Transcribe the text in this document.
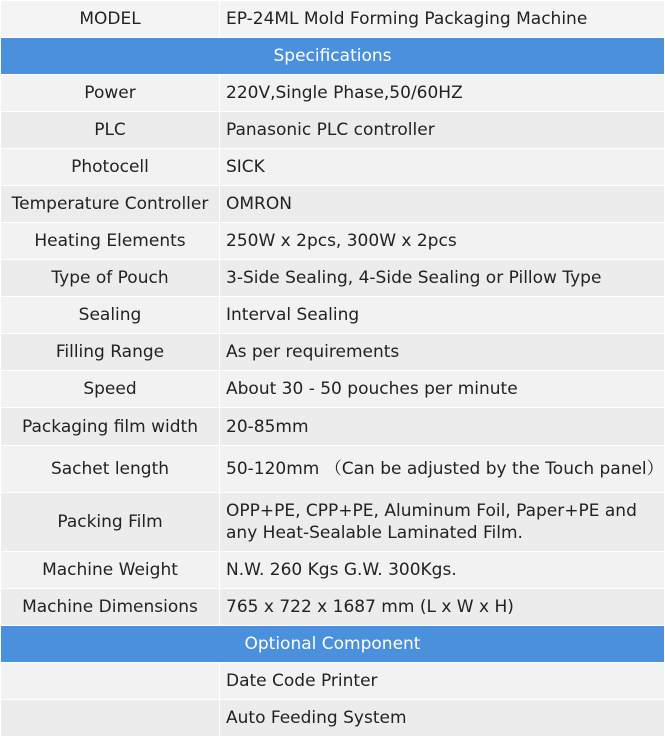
MODEL	EP-24ML Mold Forming Packaging Machine
Specifications	
Power	220V,Single Phase,50/60HZ
PLC	Panasonic PLC controller
Photocell	SICK
Temperature Controller	OMRON
Heating Elements	250W x 2pcs, 300W x 2pcs
Type of Pouch	3-Side Sealing, 4-Side Sealing or Pillow Type
Sealing	Interval Sealing
Filling Range	As per requirements
Speed	About 30 - 50 pouches per minute
Packaging film width	20-85mm
Sachet length	50-120mm （Can be adjusted by the Touch panel）
Packing Film	OPP+PE, CPP+PE, Aluminum Foil, Paper+PE and any Heat-Sealable Laminated Film.
Machine Weight	N.W. 260 Kgs G.W. 300Kgs.
Machine Dimensions	765 x 722 x 1687 mm (L x W x H)
Optional Component	
	Date Code Printer
	Auto Feeding System
